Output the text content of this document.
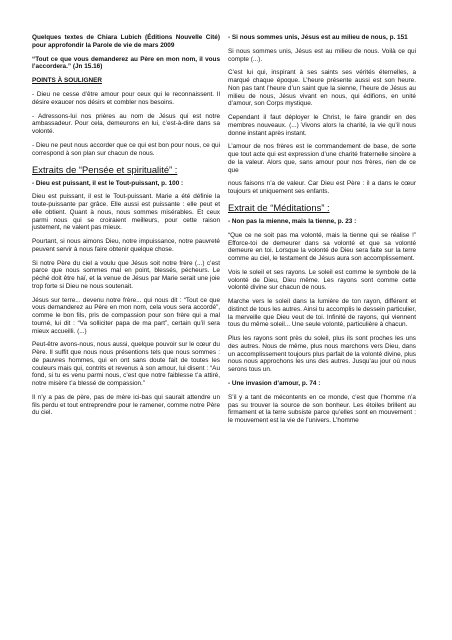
Quelques textes de Chiara Lubich (Éditions Nouvelle Cité) pour approfondir la Parole de vie de mars 2009

“Tout ce que vous demanderez au Père en mon nom, il vous l’accordera.” (Jn 15.16)

POINTS À SOULIGNER

- Dieu ne cesse d’être amour pour ceux qui le reconnaissent. Il désire exaucer nos désirs et combler nos besoins.

- Adressons-lui nos prières au nom de Jésus qui est notre ambassadeur. Pour cela, demeurons en lui, c’est-à-dire dans sa volonté.

- Dieu ne peut nous accorder que ce qui est bon pour nous, ce qui correspond à son plan sur chacun de nous.

Extraits de “Pensée et spiritualité” :

- Dieu est puissant, il est le Tout-puissant, p. 100 :

Dieu est puissant, il est le Tout-puissant. Marie a été définie la toute-puissante par grâce. Elle aussi est puissante : elle peut et elle obtient. Quant à nous, nous sommes misérables. Et ceux parmi nous qui se croiraient meilleurs, pour cette raison justement, ne valent pas mieux.

Pourtant, si nous aimons Dieu, notre impuissance, notre pauvreté peuvent servir à nous faire obtenir quelque chose.

Si notre Père du ciel a voulu que Jésus soit notre frère (...) c’est parce que nous sommes mal en point, blessés, pécheurs. Le péché doit être haï, et la venue de Jésus par Marie serait une joie trop forte si Dieu ne nous soutenait.

Jésus sur terre... devenu notre frère... qui nous dit : “Tout ce que vous demanderez au Père en mon nom, cela vous sera accordé”, comme le bon fils, pris de compassion pour son frère qui a mal tourné, lui dit : “Va solliciter papa de ma part”, certain qu’il sera mieux accueilli. (...)

Peut-être avons-nous, nous aussi, quelque pouvoir sur le cœur du Père. Il suffit que nous nous présentions tels que nous sommes : de pauvres hommes, qui en ont sans doute fait de toutes les couleurs mais qui, contrits et revenus à son amour, lui disent : “Au fond, si tu es venu parmi nous, c’est que notre faiblesse t’a attiré, notre misère t’a blessé de compassion.”

Il n’y a pas de père, pas de mère ici-bas qui saurait attendre un fils perdu et tout entreprendre pour le ramener, comme notre Père du ciel.

- Si nous sommes unis, Jésus est au milieu de nous, p. 151

Si nous sommes unis, Jésus est au milieu de nous. Voilà ce qui compte (...).

C’est lui qui, inspirant à ses saints ses vérités éternelles, a marqué chaque époque. L’heure présente aussi est son heure. Non pas tant l’heure d’un saint que la sienne, l’heure de Jésus au milieu de nous, Jésus vivant en nous, qui édifions, en unité d’amour, son Corps mystique.

Cependant il faut déployer le Christ, le faire grandir en des membres nouveaux. (...) Vivons alors la charité, la vie qu’il nous donne instant après instant.

L’amour de nos frères est le commandement de base, de sorte que tout acte qui est expression d’une charité fraternelle sincère a de la valeur. Alors que, sans amour pour nos frères, rien de ce que

nous faisons n’a de valeur. Car Dieu est Père : il a dans le cœur toujours et uniquement ses enfants.

Extrait de “Méditations” :

- Non pas la mienne, mais la tienne, p. 23 :

“Que ce ne soit pas ma volonté, mais la tienne qui se réalise !” Efforce-toi de demeurer dans sa volonté et que sa volonté demeure en toi. Lorsque la volonté de Dieu sera faite sur la terre comme au ciel, le testament de Jésus aura son accomplissement.

Vois le soleil et ses rayons. Le soleil est comme le symbole de la volonté de Dieu, Dieu même. Les rayons sont comme cette volonté divine sur chacun de nous.

Marche vers le soleil dans la lumière de ton rayon, différent et distinct de tous les autres. Ainsi tu accomplis le dessein particulier, la merveille que Dieu veut de toi. Infinité de rayons, qui viennent tous du même soleil... Une seule volonté, particulière à chacun.

Plus les rayons sont près du soleil, plus ils sont proches les uns des autres. Nous de même, plus nous marchons vers Dieu, dans un accomplissement toujours plus parfait de la volonté divine, plus nous nous approchons les uns des autres. Jusqu’au jour où nous serons tous un.

- Une invasion d’amour, p. 74 :

S’il y a tant de mécontents en ce monde, c’est que l’homme n’a pas su trouver la source de son bonheur. Les étoiles brillent au firmament et la terre subsiste parce qu’elles sont en mouvement : le mouvement est la vie de l’univers. L’homme
